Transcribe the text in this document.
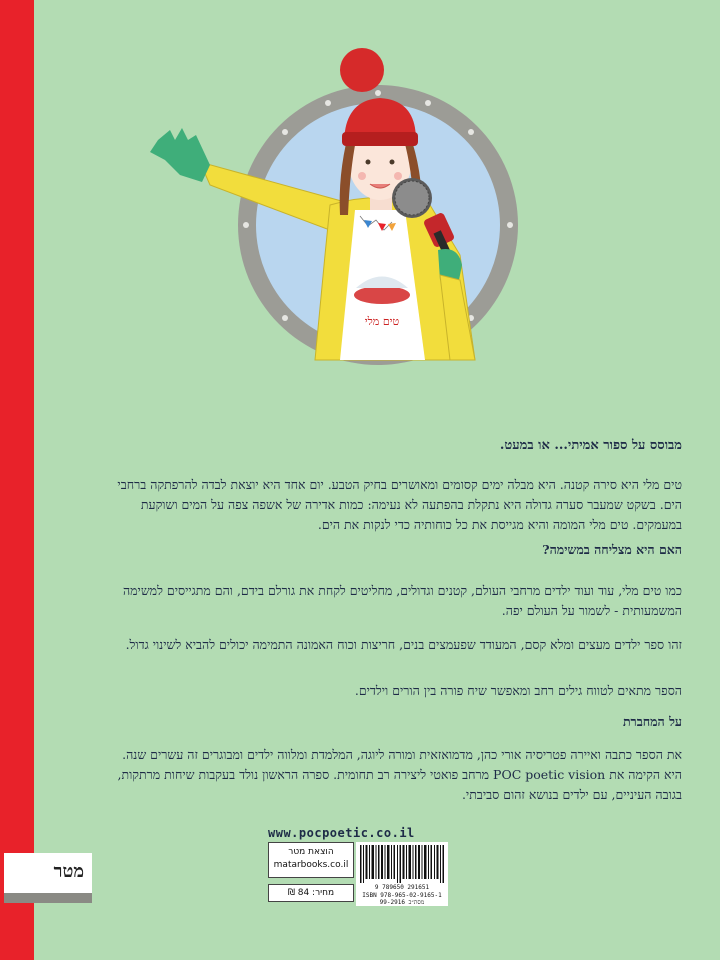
מטר
טים מלי
מבוסס על ספור אמיתי... או במעט.

טים מלי היא סירה קטנה. היא מבלה ימים קסומים ומאושרים בחיק הטבע. יום אחד היא יוצאת לבדה להרפתקה ברחבי הים. בשקט שמעבר סערה גדולה היא נתקלת בהפתעה לא נעימה: כמות אדירה של אשפה צפה על המים ושוקעת במעמקים. טים מלי המומה והיא מגייסת את כל כוחותיה כדי לנקות את הים.

האם היא מצליחה במשימה?

כמו טים מלי, עוד ועוד ילדים מרחבי העולם, קטנים וגדולים, מחליטים לקחת את גורלם בידם, והם מתגייסים למשימה המשמעותית - לשמור על העולם יפה.

זהו ספר ילדים מעצים ומלא קסם, המעודד שפעמצים בנים, חריצות וכוח האמונה התמימה יכולים להביא לשינוי גדול.

הספר מתאים לטווח גילים רחב ומאפשר שיח פורה בין הורים וילדים.

על המחברת

את הספר כתבה ואיירה פטריסיה אורי כהן, מדמואזאית ומורה ליוגה, המלמדת ומלווה ילדים ומבוגרים זה עשרים שנה. היא הקימה את POC poetic vision מרחב פואטי ליצירה רב תחומית. ספרה הראשון נולד בעקבות שיחות מרתקות, בגובה העיניים, עם ילדים בנושא זהום סביבתי.

www.pocpoetic.co.il
הוצאת מטר
matarbooks.co.il
מחיר: 84 ₪
9 789650 291651
ISBN 978-965-02-9165-1
מסת״ב 99-2916
